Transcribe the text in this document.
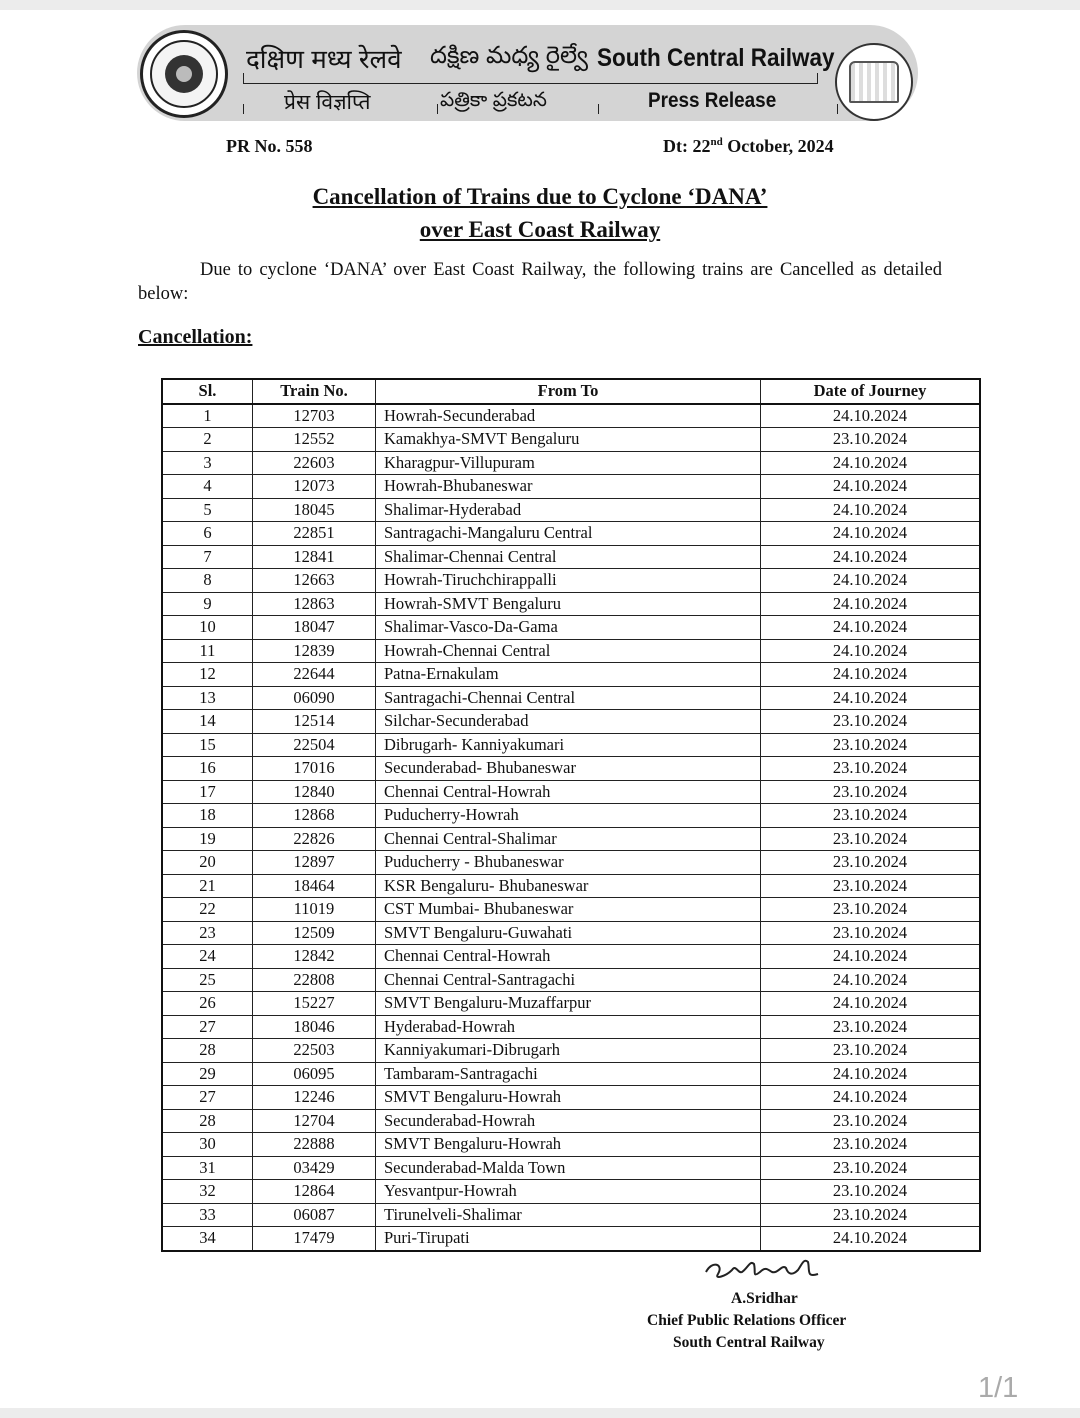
दक्षिण मध्य रेलवे దక్షిణ మధ్య రైల్వే South Central Railway
प्रेस विज्ञप्ति	పత్రికా ప్రకటన	Press Release
PR No. 558	Dt: 22nd October, 2024
Cancellation of Trains due to Cyclone ‘DANA’
over East Coast Railway
Due to cyclone ‘DANA’ over East Coast Railway, the following trains are Cancelled as detailed below:
Cancellation:
Sl.	Train No.	From To	Date of Journey
1	12703	Howrah-Secunderabad	24.10.2024
2	12552	Kamakhya-SMVT Bengaluru	23.10.2024
3	22603	Kharagpur-Villupuram	24.10.2024
4	12073	Howrah-Bhubaneswar	24.10.2024
5	18045	Shalimar-Hyderabad	24.10.2024
6	22851	Santragachi-Mangaluru Central	24.10.2024
7	12841	Shalimar-Chennai Central	24.10.2024
8	12663	Howrah-Tiruchchirappalli	24.10.2024
9	12863	Howrah-SMVT Bengaluru	24.10.2024
10	18047	Shalimar-Vasco-Da-Gama	24.10.2024
11	12839	Howrah-Chennai Central	24.10.2024
12	22644	Patna-Ernakulam	24.10.2024
13	06090	Santragachi-Chennai Central	24.10.2024
14	12514	Silchar-Secunderabad	23.10.2024
15	22504	Dibrugarh- Kanniyakumari	23.10.2024
16	17016	Secunderabad- Bhubaneswar	23.10.2024
17	12840	Chennai Central-Howrah	23.10.2024
18	12868	Puducherry-Howrah	23.10.2024
19	22826	Chennai Central-Shalimar	23.10.2024
20	12897	Puducherry - Bhubaneswar	23.10.2024
21	18464	KSR Bengaluru- Bhubaneswar	23.10.2024
22	11019	CST Mumbai- Bhubaneswar	23.10.2024
23	12509	SMVT Bengaluru-Guwahati	23.10.2024
24	12842	Chennai Central-Howrah	24.10.2024
25	22808	Chennai Central-Santragachi	24.10.2024
26	15227	SMVT Bengaluru-Muzaffarpur	24.10.2024
27	18046	Hyderabad-Howrah	23.10.2024
28	22503	Kanniyakumari-Dibrugarh	23.10.2024
29	06095	Tambaram-Santragachi	24.10.2024
27	12246	SMVT Bengaluru-Howrah	24.10.2024
28	12704	Secunderabad-Howrah	23.10.2024
30	22888	SMVT Bengaluru-Howrah	23.10.2024
31	03429	Secunderabad-Malda Town	23.10.2024
32	12864	Yesvantpur-Howrah	23.10.2024
33	06087	Tirunelveli-Shalimar	23.10.2024
34	17479	Puri-Tirupati	24.10.2024
A.Sridhar
Chief Public Relations Officer
South Central Railway
1/1
